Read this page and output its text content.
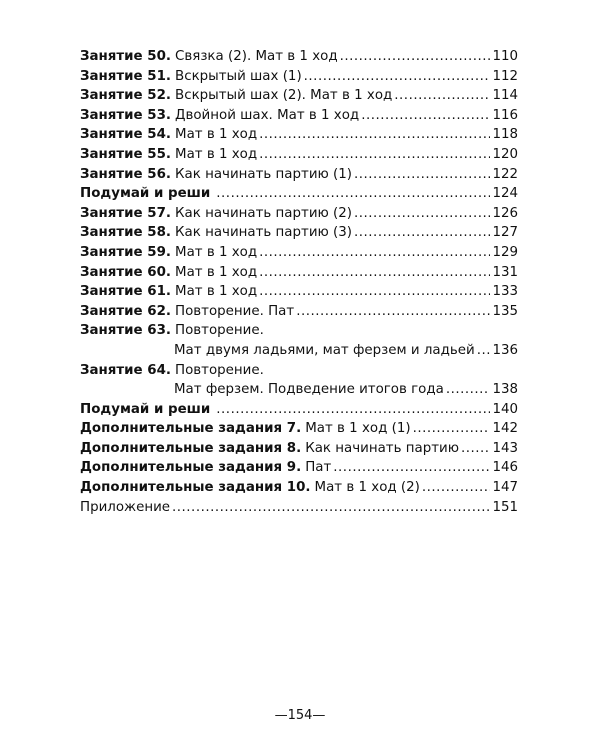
Занятие 50. Связка (2). Мат в 1 ход .....	110
Занятие 51. Вскрытый шах (1) .....	112
Занятие 52. Вскрытый шах (2). Мат в 1 ход .....	114
Занятие 53. Двойной шах. Мат в 1 ход .....	116
Занятие 54. Мат в 1 ход .....	118
Занятие 55. Мат в 1 ход .....	120
Занятие 56. Как начинать партию (1) .....	122
Подумай и реши .....	124
Занятие 57. Как начинать партию (2) .....	126
Занятие 58. Как начинать партию (3) .....	127
Занятие 59. Мат в 1 ход .....	129
Занятие 60. Мат в 1 ход .....	131
Занятие 61. Мат в 1 ход .....	133
Занятие 62. Повторение. Пат .....	135
Занятие 63. Повторение.
Мат двумя ладьями, мат ферзем и ладьей ..... 136
Занятие 64. Повторение.
Мат ферзем. Подведение итогов года .....	138
Подумай и реши .....	140
Дополнительные задания 7. Мат в 1 ход (1) .....	142
Дополнительные задания 8. Как начинать партию ..... 143
Дополнительные задания 9. Пат .....	146
Дополнительные задания 10. Мат в 1 ход (2) .....	147
Приложение .....	151
—154—
